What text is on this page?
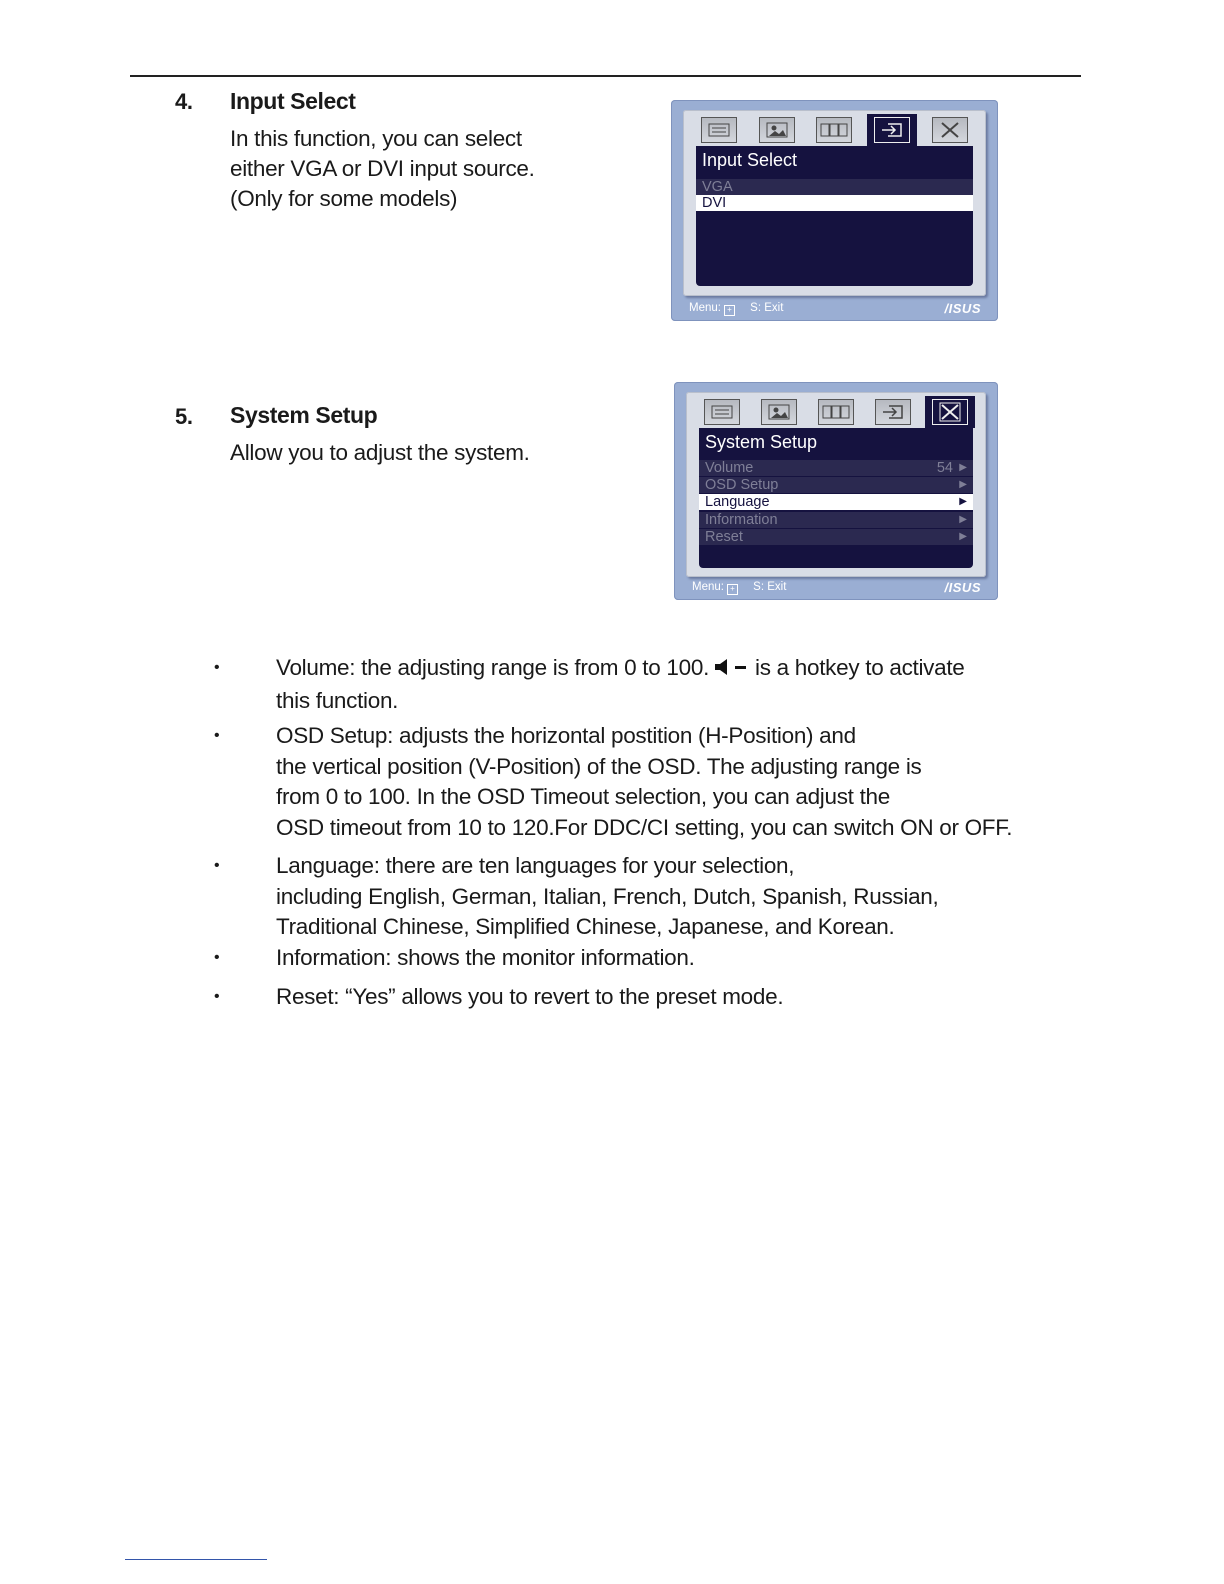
4. Input Select
In this function, you can select
either VGA or DVI input source.
(Only for some models)
Input Select
VGA
DVI
Menu: + S: Exit	/ISUS
5. System Setup
Allow you to adjust the system.	System Setup
Volume	54 ▶
OSD Setup	▶
Language	▶
Information	▶
Reset	▶
Menu: + S: Exit	/ISUS
•	Volume: the adjusting range is from 0 to 100. is a hotkey to activate
this function.
•	OSD Setup: adjusts the horizontal postition (H-Position) and
the vertical position (V-Position) of the OSD. The adjusting range is
from 0 to 100. In the OSD Timeout selection, you can adjust the
OSD timeout from 10 to 120.For DDC/CI setting, you can switch ON or OFF.
•	Language: there are ten languages for your selection,
including English, German, Italian, French, Dutch, Spanish, Russian,
Traditional Chinese, Simplified Chinese, Japanese, and Korean.
•	Information: shows the monitor information.
•	Reset: “Yes” allows you to revert to the preset mode.
